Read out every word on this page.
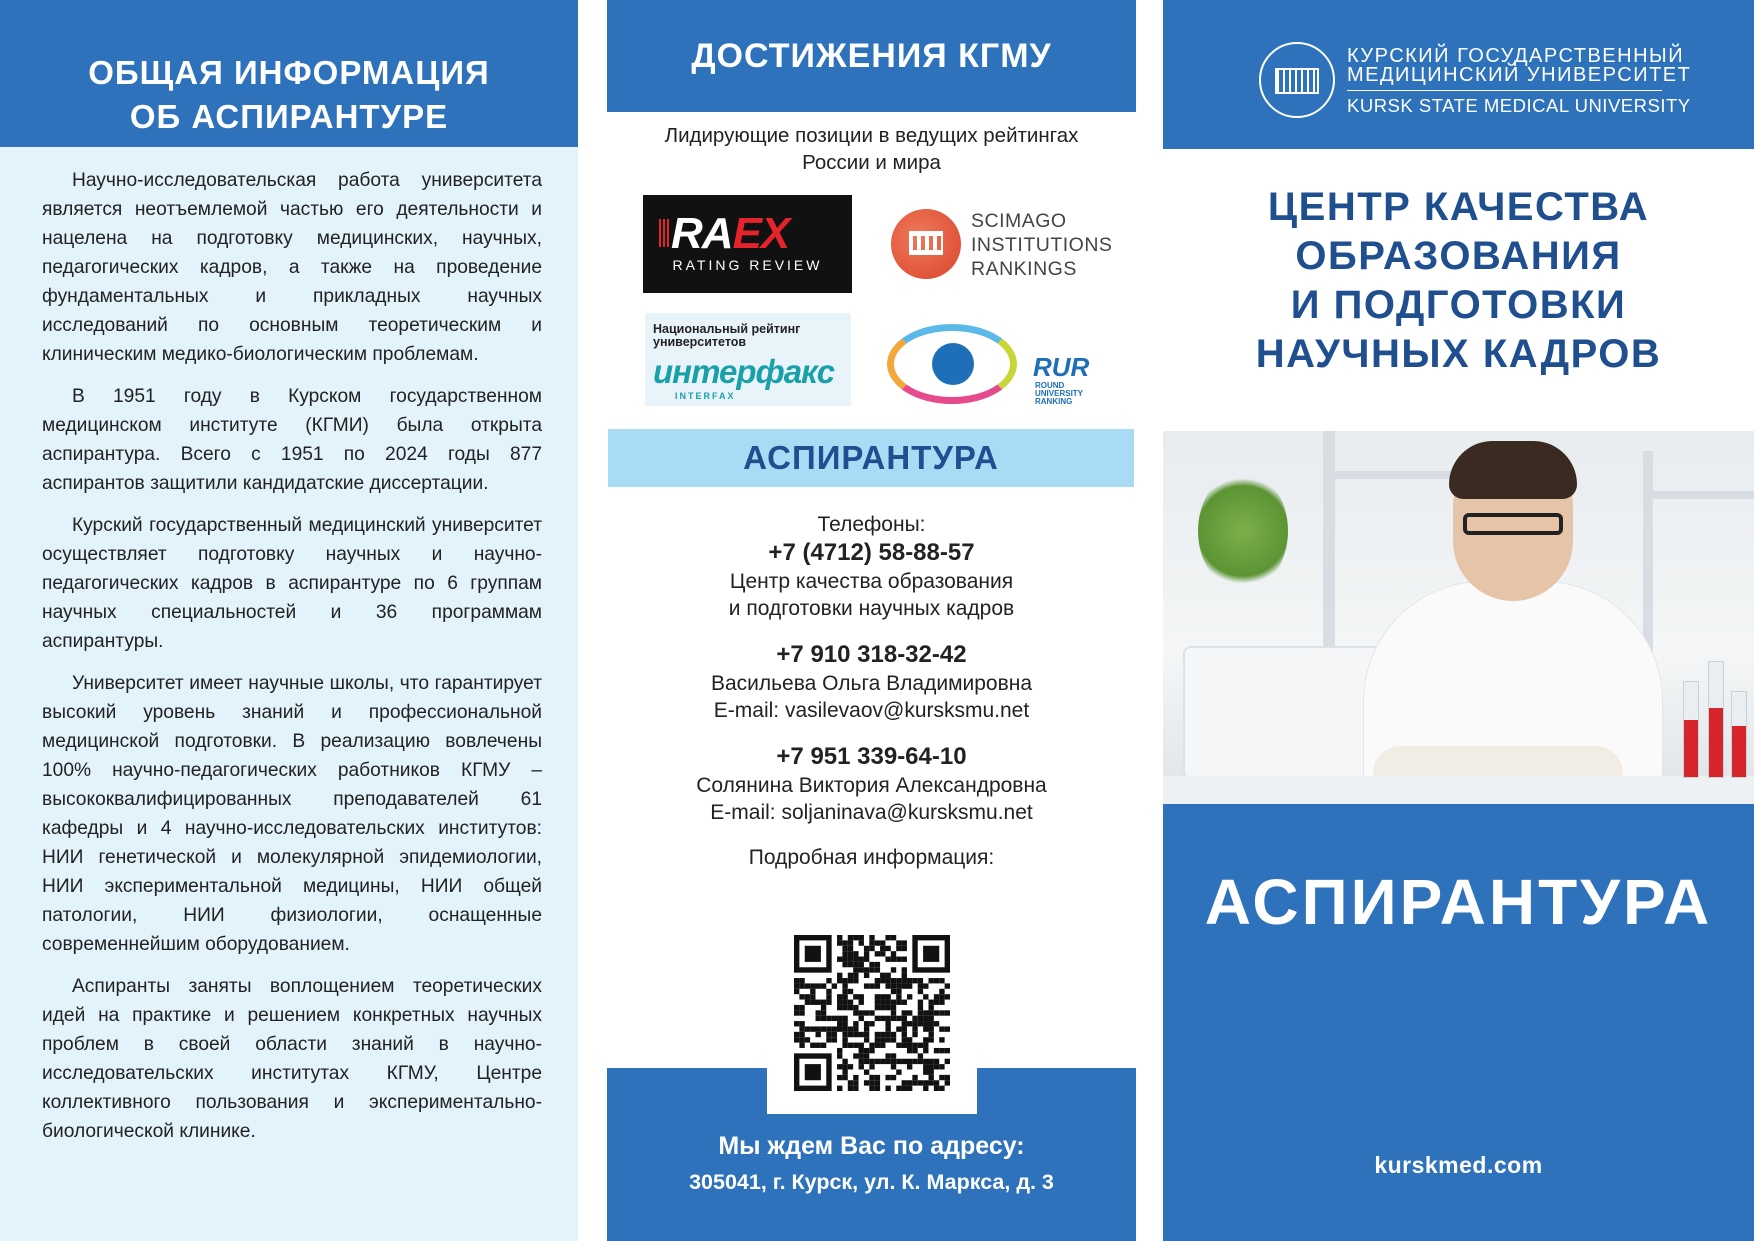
ОБЩАЯ ИНФОРМАЦИЯ
ОБ АСПИРАНТУРЕ

Научно-исследовательская работа университета является неотъемлемой частью его деятельности и нацелена на подготовку медицинских, научных, педагогических кадров, а также на проведение фундаментальных и прикладных научных исследований по основным теоретическим и клиническим медико-биологическим проблемам.

В 1951 году в Курском государственном медицинском институте (КГМИ) была открыта аспирантура. Всего с 1951 по 2024 годы 877 аспирантов защитили кандидатские диссертации.

Курский государственный медицинский университет осуществляет подготовку научных и научно-педагогических кадров в аспирантуре по 6 группам научных специальностей и 36 программам аспирантуры.

Университет имеет научные школы, что гарантирует высокий уровень знаний и профессиональной медицинской подготовки. В реализацию вовлечены 100% научно-педагогических работников КГМУ – высококвалифицированных преподавателей 61 кафедры и 4 научно-исследовательских институтов: НИИ генетической и молекулярной эпидемиологии, НИИ экспериментальной медицины, НИИ общей патологии, НИИ физиологии, оснащенные современнейшим оборудованием.

Аспиранты заняты воплощением теоретических идей на практике и решением конкретных научных проблем в своей области знаний в научно-исследовательских институтах КГМУ, Центре коллективного пользования и экспериментально-биологической клинике.

ДОСТИЖЕНИЯ КГМУ
Лидирующие позиции в ведущих рейтингах
России и мира
RAEX
RATING REVIEW
SCIMAGO
INSTITUTIONS
RANKINGS
Национальный рейтинг
университетов
интерфакс
INTERFAX
RUR
ROUND
UNIVERSITY
RANKING
АСПИРАНТУРА
Телефоны:
+7 (4712) 58-88-57
Центр качества образования
и подготовки научных кадров
+7 910 318-32-42
Васильева Ольга Владимировна
E-mail: vasilevaov@kursksmu.net
+7 951 339-64-10
Солянина Виктория Александровна
E-mail: soljaninava@kursksmu.net
Подробная информация:
Мы ждем Вас по адресу:
305041, г. Курск, ул. К. Маркса, д. 3
КУРСКИЙ ГОСУДАРСТВЕННЫЙ
МЕДИЦИНСКИЙ УНИВЕРСИТЕТ
KURSK STATE MEDICAL UNIVERSITY
ЦЕНТР КАЧЕСТВА
ОБРАЗОВАНИЯ
И ПОДГОТОВКИ
НАУЧНЫХ КАДРОВ
АСПИРАНТУРА
kurskmed.com
